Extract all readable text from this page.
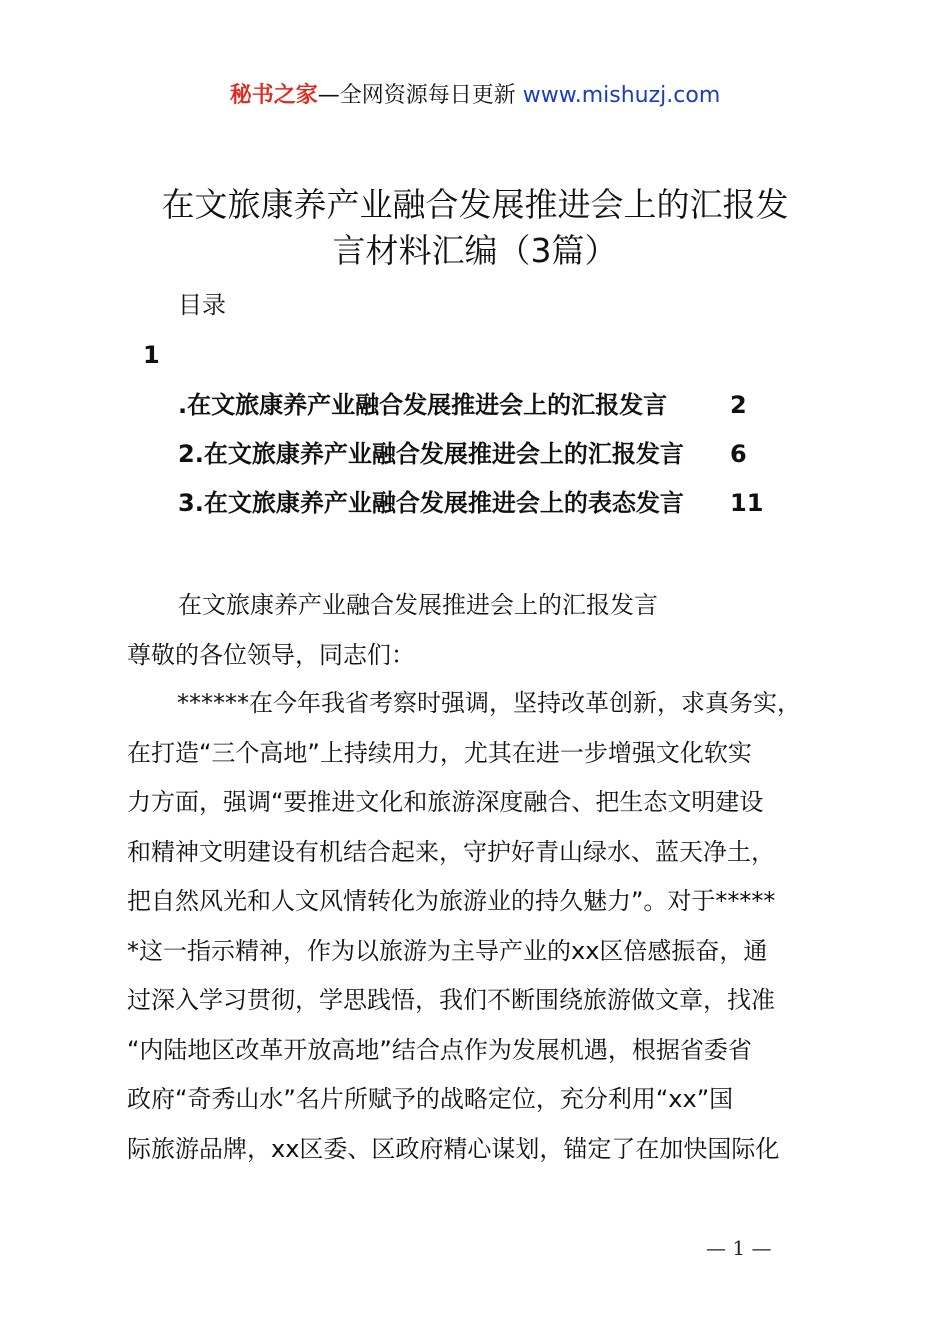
秘书之家—全网资源每日更新 www.mishuzj.com
在文旅康养产业融合发展推进会上的汇报发
言材料汇编（3篇）
目录
1
.在文旅康养产业融合发展推进会上的汇报发言	2
2.在文旅康养产业融合发展推进会上的汇报发言 6
3.在文旅康养产业融合发展推进会上的表态发言 11
在文旅康养产业融合发展推进会上的汇报发言
尊敬的各位领导，同志们：
******在今年我省考察时强调，坚持改革创新，求真务实，
在打造“三个高地”上持续用力，尤其在进一步增强文化软实
力方面，强调“要推进文化和旅游深度融合、把生态文明建设
和精神文明建设有机结合起来，守护好青山绿水、蓝天净土，
把自然风光和人文风情转化为旅游业的持久魅力”。对于*****
*这一指示精神，作为以旅游为主导产业的xx区倍感振奋，通
过深入学习贯彻，学思践悟，我们不断围绕旅游做文章，找准
“内陆地区改革开放高地”结合点作为发展机遇，根据省委省
政府“奇秀山水”名片所赋予的战略定位，充分利用“xx”国
际旅游品牌，xx区委、区政府精心谋划，锚定了在加快国际化
— 1 —
